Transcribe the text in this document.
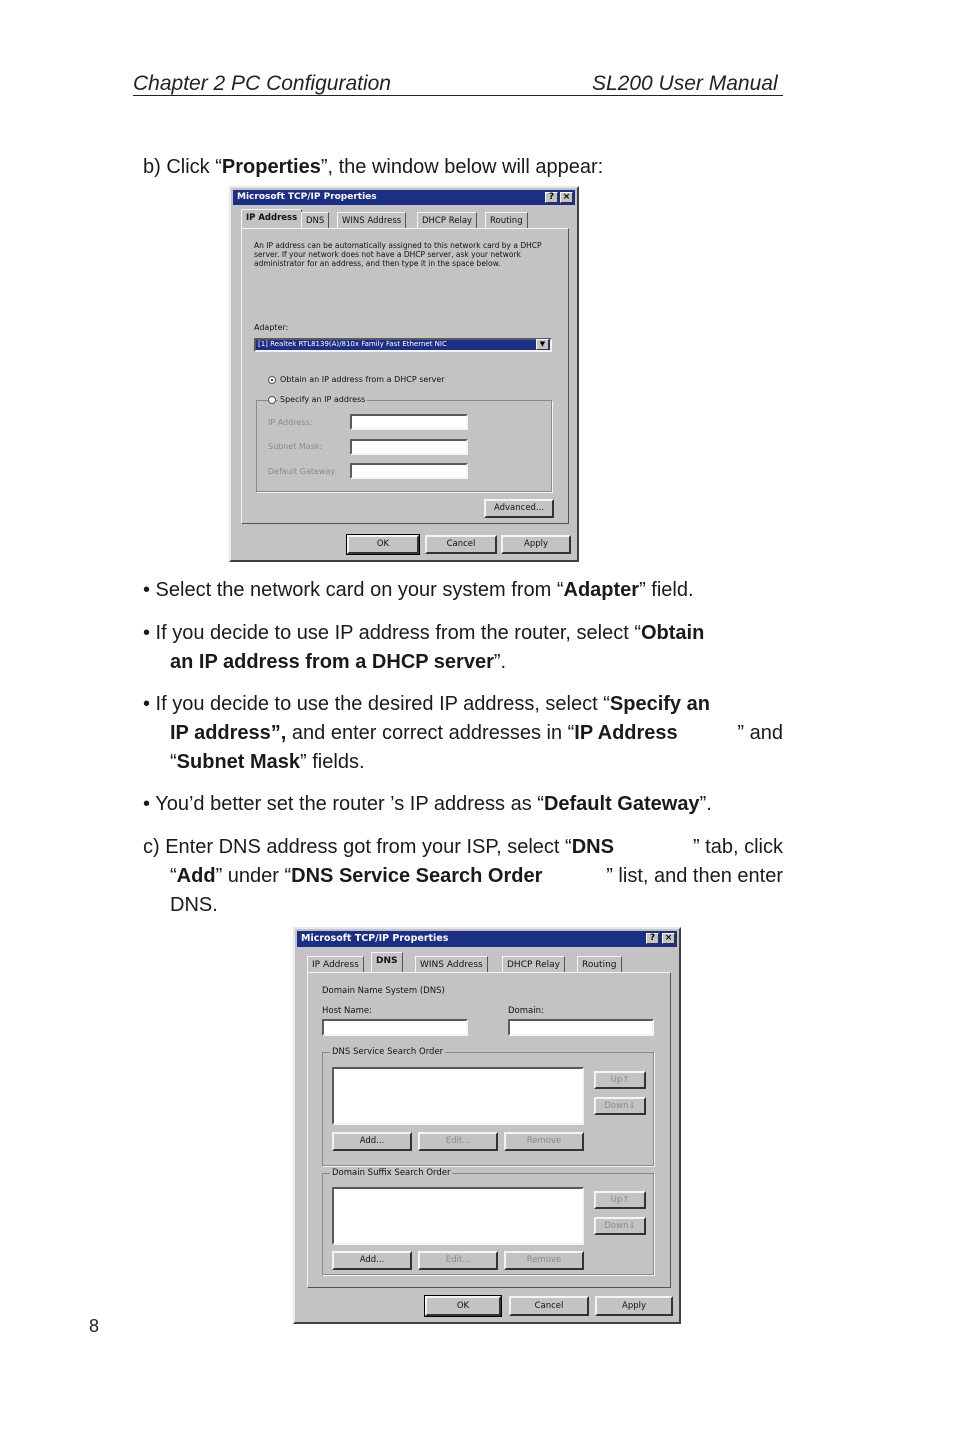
Chapter 2 PC Configuration	SL200 User Manual
b) Click “Properties”, the window below will appear:
Microsoft TCP/IP Properties	? ×
IP Address	DNS	WINS Address	DHCP Relay	Routing
An IP address can be automatically assigned to this network card by a DHCP server. If your network does not have a DHCP server, ask your network administrator for an address, and then type it in the space below.
Adapter:
[1] Realtek RTL8139(A)/810x Family Fast Ethernet NIC	▼
Obtain an IP address from a DHCP server
Specify an IP address
IP Address:
Subnet Mask:
Default Gateway:
Advanced...
OK	Cancel	Apply
• Select the network card on your system from “Adapter” field.
• If you decide to use IP address from the router, select “Obtain
an IP address from a DHCP server”.
• If you decide to use the desired IP address, select “Specify an
IP address”, and enter correct addresses in “IP Address	” and
“Subnet Mask” fields.
• You’d better set the router ’s IP address as “Default Gateway”.
c) Enter DNS address got from your ISP, select “DNS	” tab, click
“Add” under “DNS Service Search Order	” list, and then enter
DNS.
Microsoft TCP/IP Properties	?	×
IP Address	DNS	WINS Address	DHCP Relay	Routing
Domain Name System (DNS)
Host Name:	Domain:
DNS Service Search Order
Up↑
Down↓
Add...	Edit...	Remove
Domain Suffix Search Order
Up↑
Down↓
Add...	Edit...	Remove
OK	Cancel	Apply
8
